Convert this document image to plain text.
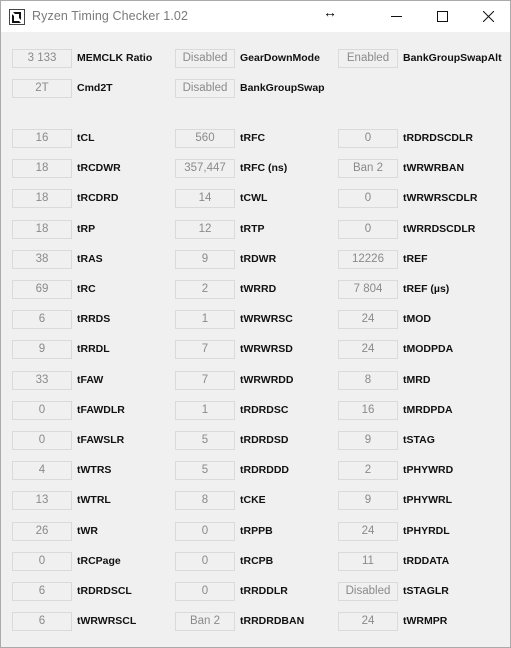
Ryzen Timing Checker 1.02	↔
3 133	MEMCLK Ratio	Disabled	GearDownMode	Enabled	BankGroupSwapAlt
2T	Cmd2T	Disabled	BankGroupSwap
16	tCL	560	tRFC	0	tRDRDSCDLR
18	tRCDWR	357,447	tRFC (ns)	Ban 2	tWRWRBAN
18	tRCDRD	14	tCWL	0	tWRWRSCDLR
18	tRP	12	tRTP	0	tWRRDSCDLR
38	tRAS	9	tRDWR	12226	tREF
69	tRC	2	tWRRD	7 804	tREF (µs)
6	tRRDS	1	tWRWRSC	24	tMOD
9	tRRDL	7	tWRWRSD	24	tMODPDA
33	tFAW	7	tWRWRDD	8	tMRD
0	tFAWDLR	1	tRDRDSC	16	tMRDPDA
0	tFAWSLR	5	tRDRDSD	9	tSTAG
4	tWTRS	5	tRDRDDD	2	tPHYWRD
13	tWTRL	8	tCKE	9	tPHYWRL
26	tWR	0	tRPPB	24	tPHYRDL
0	tRCPage	0	tRCPB	11	tRDDATA
6	tRDRDSCL	0	tRRDDLR	Disabled	tSTAGLR
6	tWRWRSCL	Ban 2	tRRDRDBAN	24	tWRMPR
